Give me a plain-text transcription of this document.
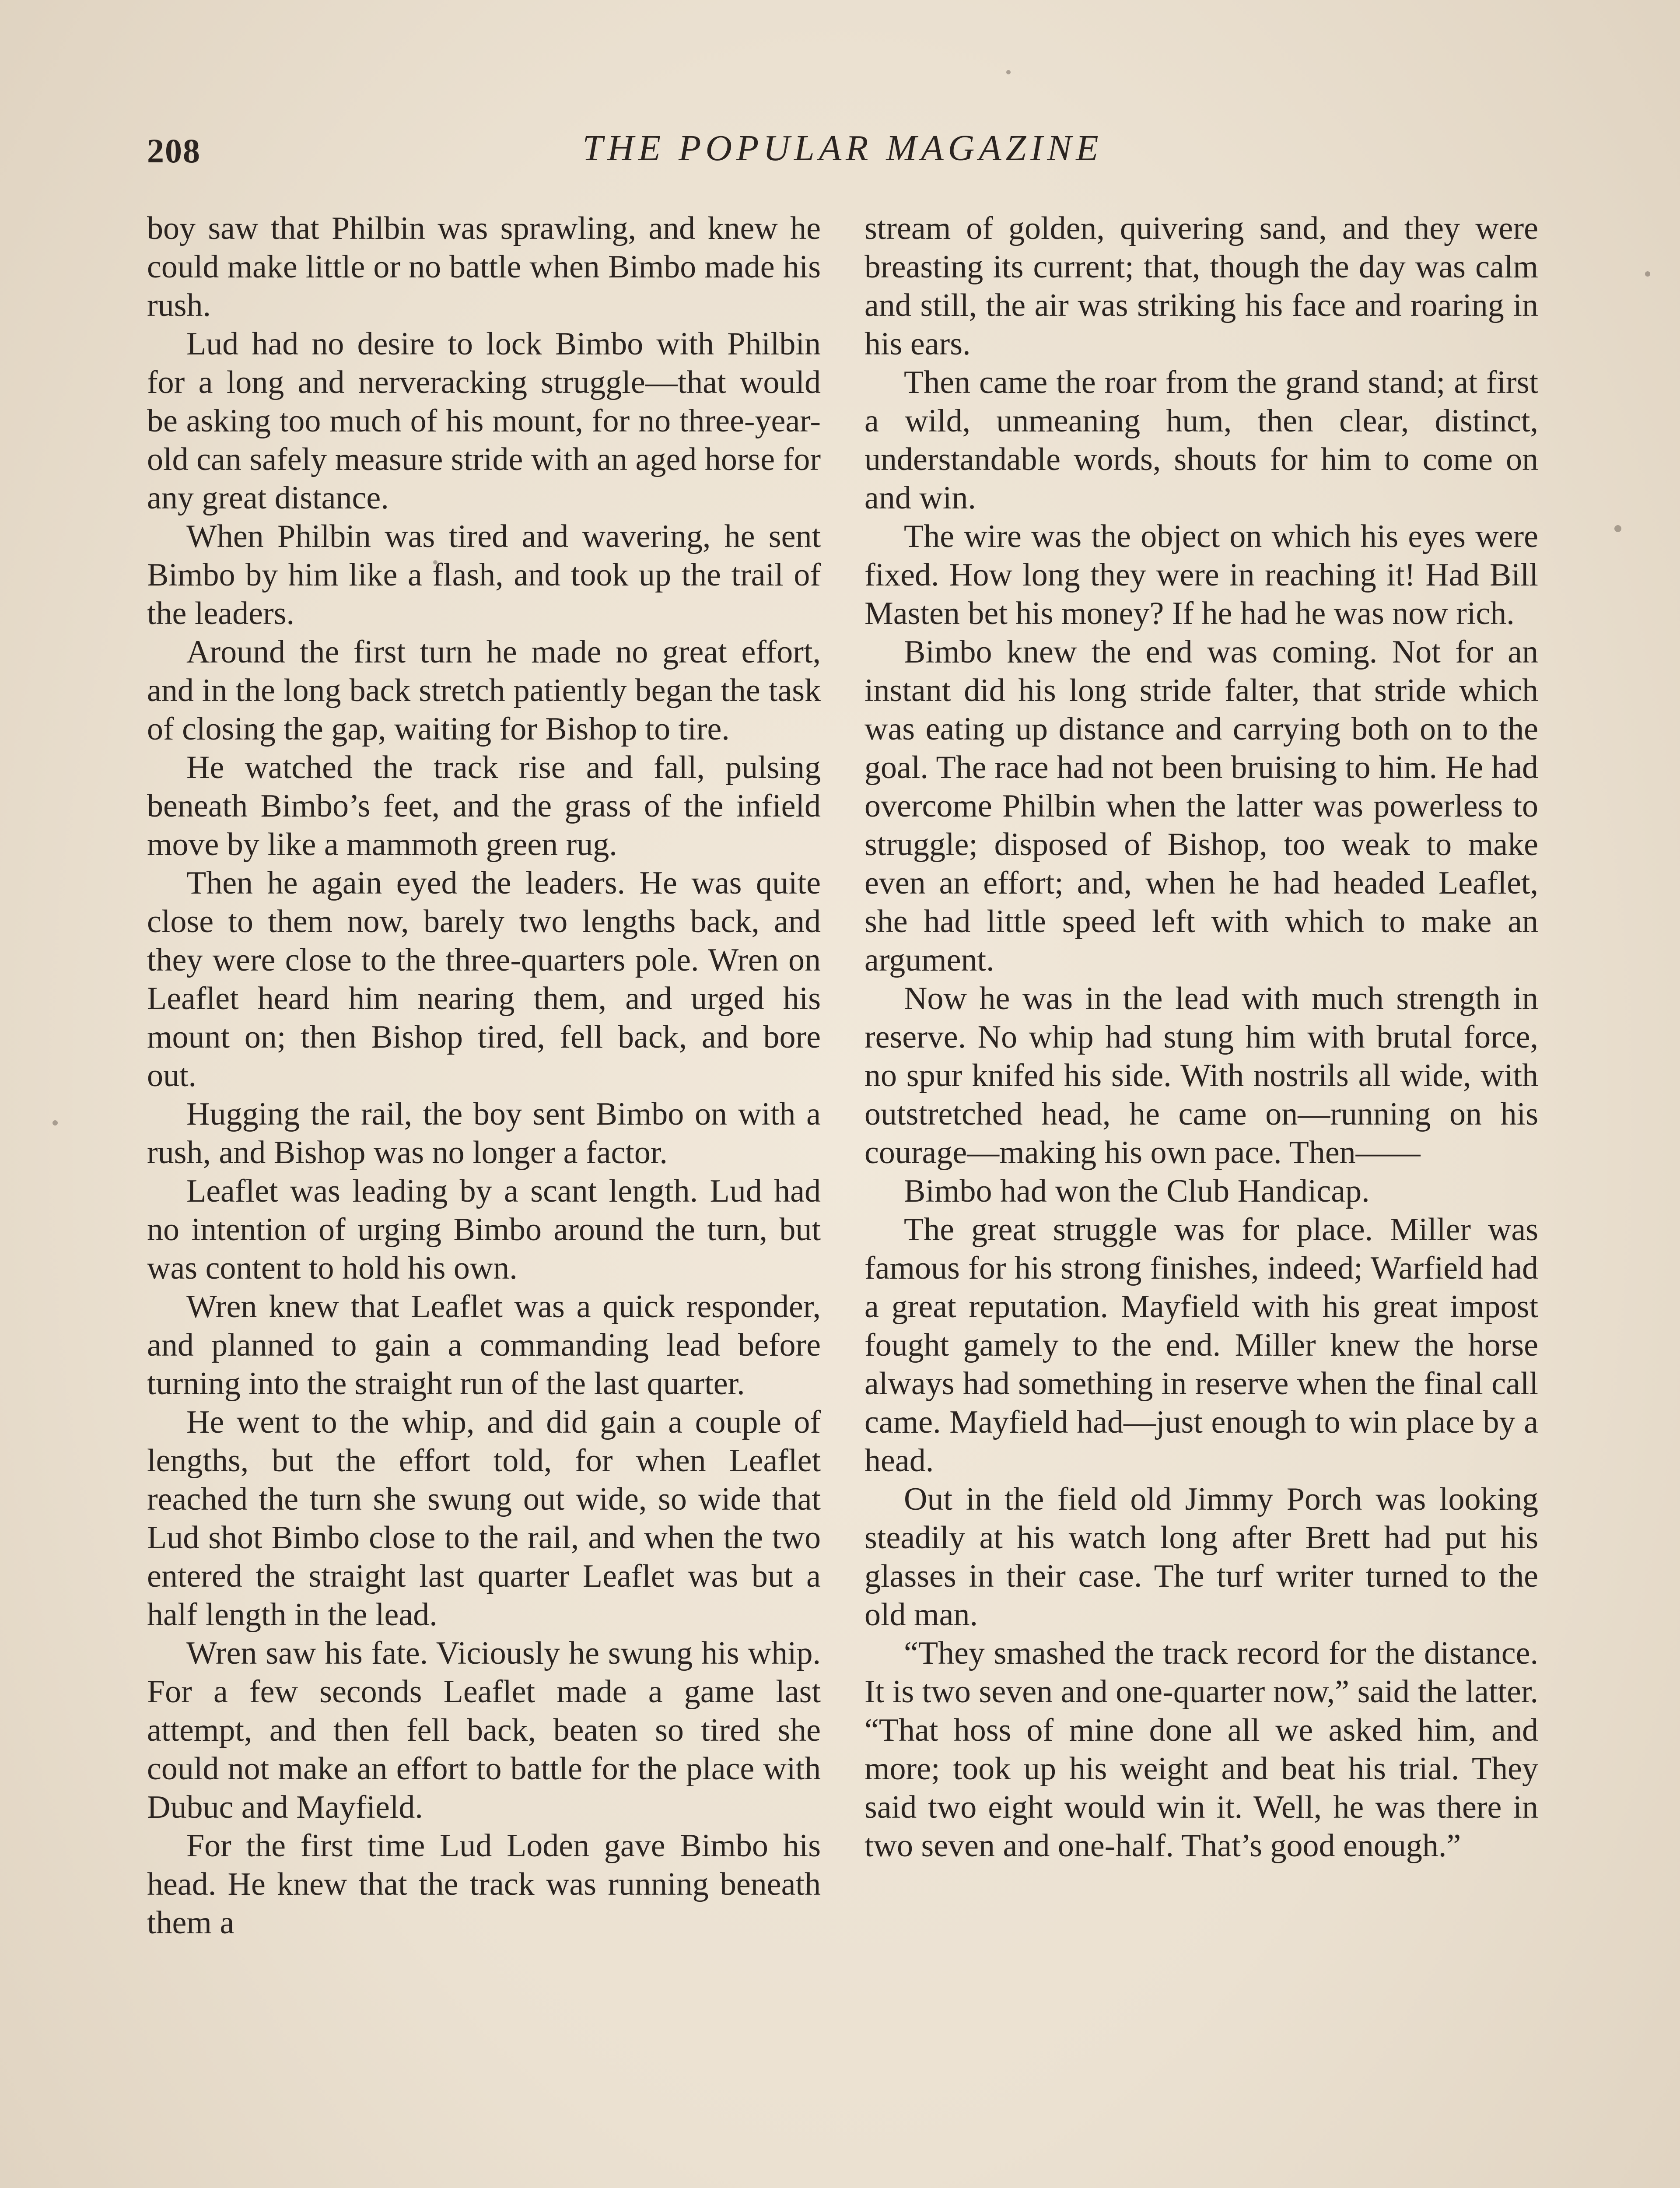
208	THE POPULAR MAGAZINE

boy saw that Philbin was sprawling, and knew he could make little or no battle when Bimbo made his rush.

Lud had no desire to lock Bimbo with Philbin for a long and nerveracking struggle—that would be asking too much of his mount, for no three-year-old can safely measure stride with an aged horse for any great distance.

When Philbin was tired and wavering, he sent Bimbo by him like a flash, and took up the trail of the leaders.

Around the first turn he made no great effort, and in the long back stretch patiently began the task of closing the gap, waiting for Bishop to tire.

He watched the track rise and fall, pulsing beneath Bimbo’s feet, and the grass of the infield move by like a mammoth green rug.

Then he again eyed the leaders. He was quite close to them now, barely two lengths back, and they were close to the three-quarters pole. Wren on Leaflet heard him nearing them, and urged his mount on; then Bishop tired, fell back, and bore out.

Hugging the rail, the boy sent Bimbo on with a rush, and Bishop was no longer a factor.

Leaflet was leading by a scant length. Lud had no intention of urging Bimbo around the turn, but was content to hold his own.

Wren knew that Leaflet was a quick responder, and planned to gain a commanding lead before turning into the straight run of the last quarter.

He went to the whip, and did gain a couple of lengths, but the effort told, for when Leaflet reached the turn she swung out wide, so wide that Lud shot Bimbo close to the rail, and when the two entered the straight last quarter Leaflet was but a half length in the lead.

Wren saw his fate. Viciously he swung his whip. For a few seconds Leaflet made a game last attempt, and then fell back, beaten so tired she could not make an effort to battle for the place with Dubuc and Mayfield.

For the first time Lud Loden gave Bimbo his head. He knew that the track was running beneath them a

stream of golden, quivering sand, and they were breasting its current; that, though the day was calm and still, the air was striking his face and roaring in his ears.

Then came the roar from the grand stand; at first a wild, unmeaning hum, then clear, distinct, understandable words, shouts for him to come on and win.

The wire was the object on which his eyes were fixed. How long they were in reaching it! Had Bill Masten bet his money? If he had he was now rich.

Bimbo knew the end was coming. Not for an instant did his long stride falter, that stride which was eating up distance and carrying both on to the goal. The race had not been bruising to him. He had overcome Philbin when the latter was powerless to struggle; disposed of Bishop, too weak to make even an effort; and, when he had headed Leaflet, she had little speed left with which to make an argument.

Now he was in the lead with much strength in reserve. No whip had stung him with brutal force, no spur knifed his side. With nostrils all wide, with outstretched head, he came on—running on his courage—making his own pace. Then——

Bimbo had won the Club Handicap.

The great struggle was for place. Miller was famous for his strong finishes, indeed; Warfield had a great reputation. Mayfield with his great impost fought gamely to the end. Miller knew the horse always had something in reserve when the final call came. Mayfield had—just enough to win place by a head.

Out in the field old Jimmy Porch was looking steadily at his watch long after Brett had put his glasses in their case. The turf writer turned to the old man.

“They smashed the track record for the distance. It is two seven and one-quarter now,” said the latter. “That hoss of mine done all we asked him, and more; took up his weight and beat his trial. They said two eight would win it. Well, he was there in two seven and one-half. That’s good enough.”
